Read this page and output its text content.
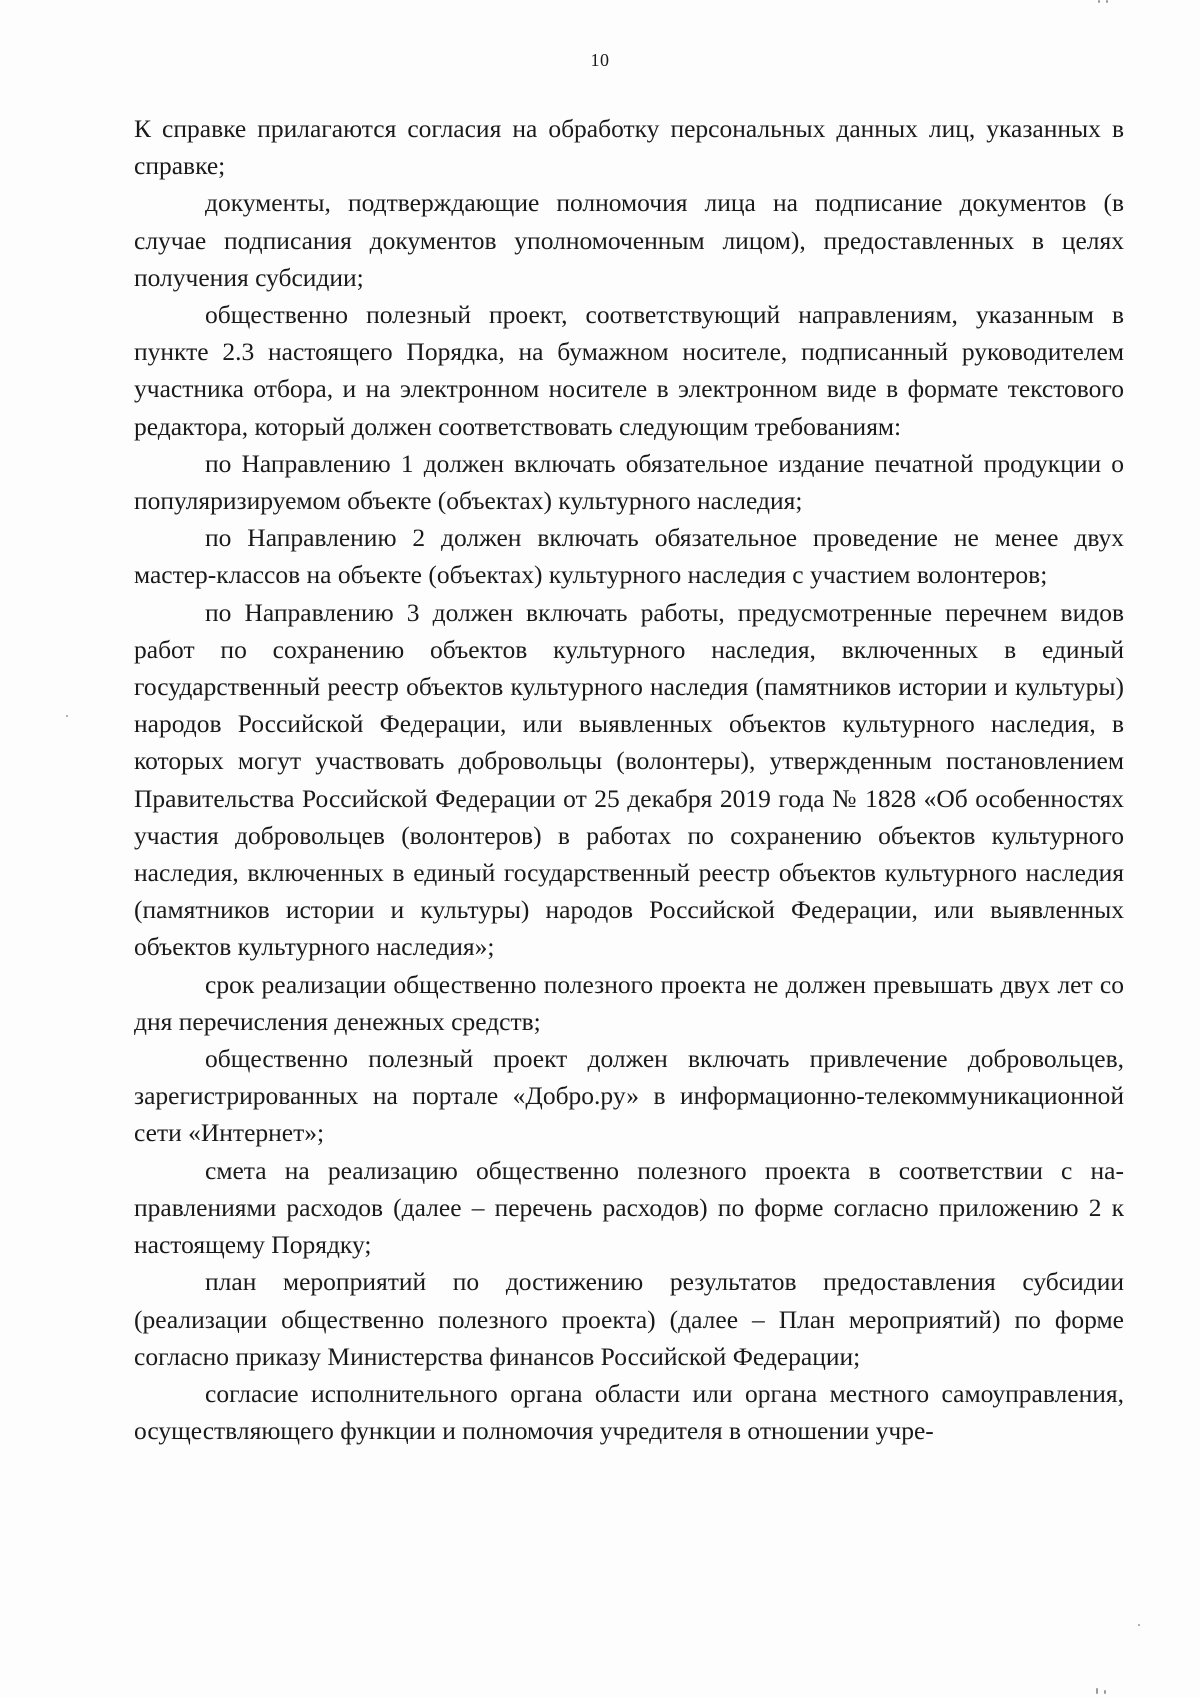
10

К справке прилагаются согласия на обработку персональных данных лиц, указанных в справке;

документы, подтверждающие полномочия лица на подписание документов (в случае подписания документов уполномоченным лицом), предоставленных в целях получения субсидии;

общественно полезный проект, соответствующий направлениям, указанным в пункте 2.3 настоящего Порядка, на бумажном носителе, подписанный руководителем участника отбора, и на электронном носителе в электронном виде в формате текстового редактора, который должен соответствовать следующим требованиям:

по Направлению 1 должен включать обязательное издание печатной продукции о популяризируемом объекте (объектах) культурного наследия;

по Направлению 2 должен включать обязательное проведение не менее двух мастер-классов на объекте (объектах) культурного наследия с участием волонтеров;

по Направлению 3 должен включать работы, предусмотренные перечнем видов работ по сохранению объектов культурного наследия, включенных в единый государственный реестр объектов культурного наследия (памятников истории и культуры) народов Российской Федерации, или выявленных объектов культурного наследия, в которых могут участвовать добровольцы (волонтеры), утвержденным постановлением Правительства Российской Федерации от 25 декабря 2019 года № 1828 «Об особенностях участия добровольцев (волонтеров) в работах по сохранению объектов культурного наследия, включенных в единый государственный реестр объектов культурного наследия (памятников истории и культуры) народов Российской Федерации, или выявленных объектов культурного наследия»;

срок реализации общественно полезного проекта не должен превышать двух лет со дня перечисления денежных средств;

общественно полезный проект должен включать привлечение добровольцев, зарегистрированных на портале «Добро.ру» в информационно-телекоммуникационной сети «Интернет»;

смета на реализацию общественно полезного проекта в соответствии с направлениями расходов (далее – перечень расходов) по форме согласно приложению 2 к настоящему Порядку;

план мероприятий по достижению результатов предоставления субсидии (реализации общественно полезного проекта) (далее – План мероприятий) по форме согласно приказу Министерства финансов Российской Федерации;

согласие исполнительного органа области или органа местного самоуправления, осуществляющего функции и полномочия учредителя в отношении учре-
